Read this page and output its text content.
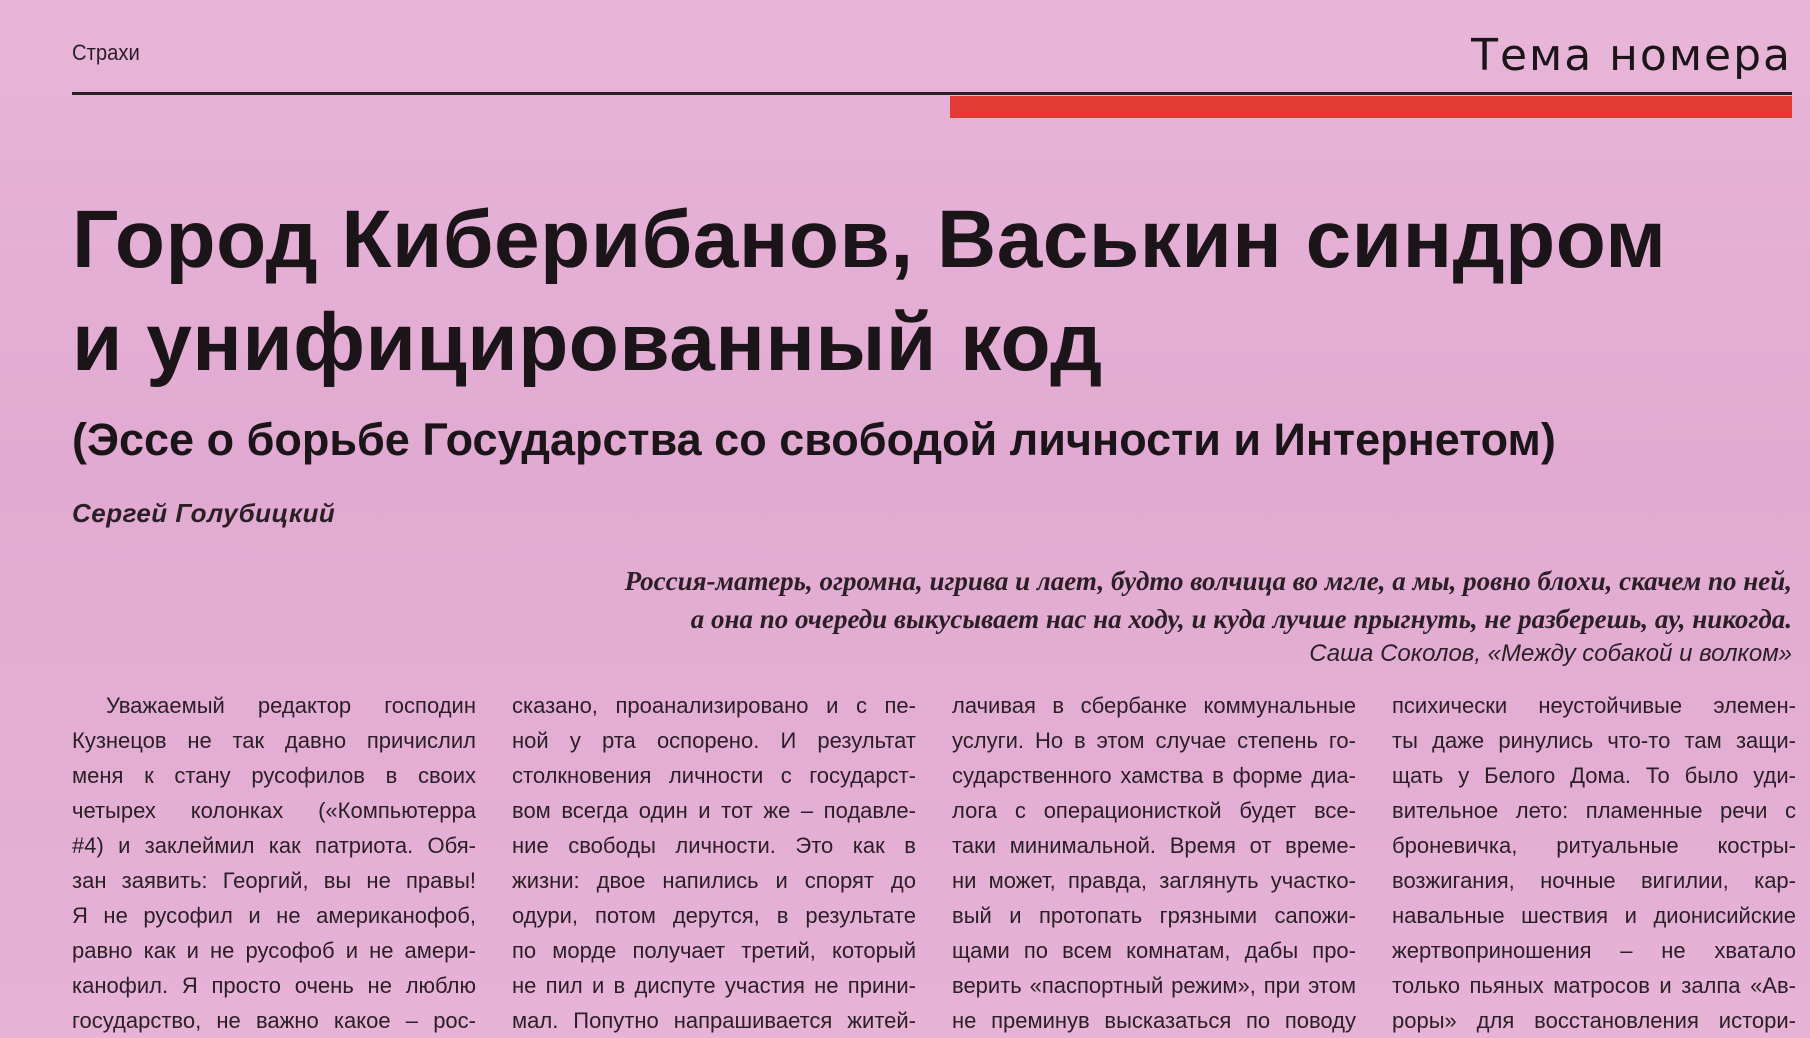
Страхи	Тема номера
Город Киберибанов, Васькин синдром
и унифицированный код
(Эссе о борьбе Государства со свободой личности и Интернетом)
Сергей Голубицкий
Россия-матерь, огромна, игрива и лает, будто волчица во мгле, а мы, ровно блохи, скачем по ней,
а она по очереди выкусывает нас на ходу, и куда лучше прыгнуть, не разберешь, ау, никогда.
Саша Соколов, «Между собакой и волком»
Уважаемый редактор господин
Кузнецов не так давно причислил
меня к стану русофилов в своих
четырех колонках («Компьютерра
#4) и заклеймил как патриота. Обя-
зан заявить: Георгий, вы не правы!
Я не русофил и не американофоб,
равно как и не русофоб и не амери-
канофил. Я просто очень не люблю
государство, не важно какое – рос-
сказано, проанализировано и с пе-
ной у рта оспорено. И результат
столкновения личности с государст-
вом всегда один и тот же – подавле-
ние свободы личности. Это как в
жизни: двое напились и спорят до
одури, потом дерутся, в результате
по морде получает третий, который
не пил и в диспуте участия не прини-
мал. Попутно напрашивается житей-
лачивая в сбербанке коммунальные
услуги. Но в этом случае степень го-
сударственного хамства в форме диа-
лога с операционисткой будет все-
таки минимальной. Время от време-
ни может, правда, заглянуть участко-
вый и протопать грязными сапожи-
щами по всем комнатам, дабы про-
верить «паспортный режим», при этом
не преминув высказаться по поводу
психически неустойчивые элемен-
ты даже ринулись что-то там защи-
щать у Белого Дома. То было уди-
вительное лето: пламенные речи с
броневичка, ритуальные костры-
возжигания, ночные вигилии, кар-
навальные шествия и дионисийские
жертвоприношения – не хватало
только пьяных матросов и залпа «Ав-
роры» для восстановления истори-
